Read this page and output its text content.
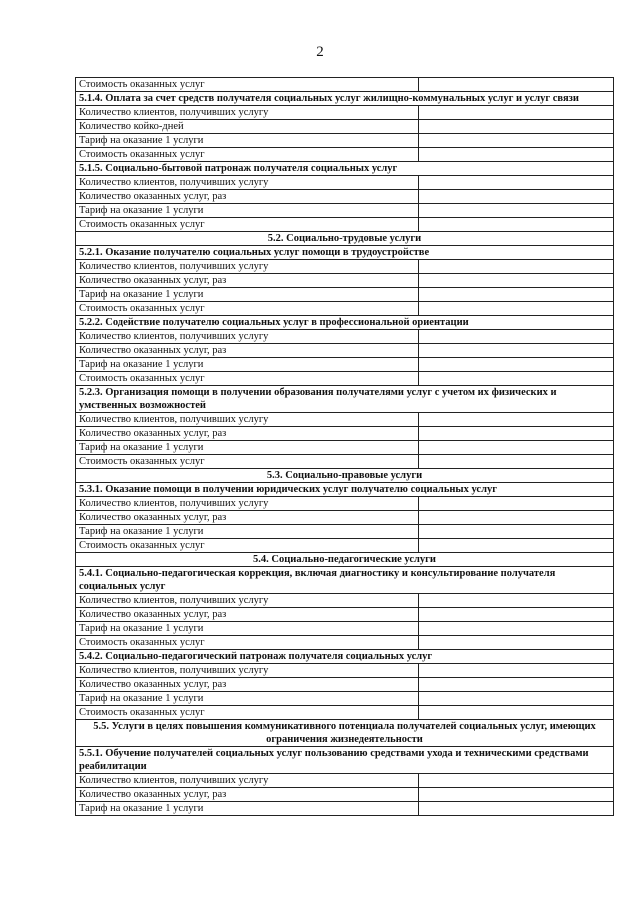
2
Стоимость оказанных услуг	
5.1.4. Оплата за счет средств получателя социальных услуг жилищно-коммунальных услуг и услуг связи	
Количество клиентов, получивших услугу	
Количество койко-дней	
Тариф на оказание 1 услуги	
Стоимость оказанных услуг	
5.1.5. Социально-бытовой патронаж получателя социальных услуг	
Количество клиентов, получивших услугу	
Количество оказанных услуг, раз	
Тариф на оказание 1 услуги	
Стоимость оказанных услуг	
5.2. Социально-трудовые услуги	
5.2.1. Оказание получателю социальных услуг помощи в трудоустройстве	
Количество клиентов, получивших услугу	
Количество оказанных услуг, раз	
Тариф на оказание 1 услуги	
Стоимость оказанных услуг	
5.2.2. Содействие получателю социальных услуг в профессиональной ориентации	
Количество клиентов, получивших услугу	
Количество оказанных услуг, раз	
Тариф на оказание 1 услуги	
Стоимость оказанных услуг	
5.2.3. Организация помощи в получении образования получателями услуг с учетом их физических и умственных возможностей	
Количество клиентов, получивших услугу	
Количество оказанных услуг, раз	
Тариф на оказание 1 услуги	
Стоимость оказанных услуг	
5.3. Социально-правовые услуги	
5.3.1. Оказание помощи в получении юридических услуг получателю социальных услуг	
Количество клиентов, получивших услугу	
Количество оказанных услуг, раз	
Тариф на оказание 1 услуги	
Стоимость оказанных услуг	
5.4. Социально-педагогические услуги	
5.4.1. Социально-педагогическая коррекция, включая диагностику и консультирование получателя социальных услуг	
Количество клиентов, получивших услугу	
Количество оказанных услуг, раз	
Тариф на оказание 1 услуги	
Стоимость оказанных услуг	
5.4.2. Социально-педагогический патронаж получателя социальных услуг	
Количество клиентов, получивших услугу	
Количество оказанных услуг, раз	
Тариф на оказание 1 услуги	
Стоимость оказанных услуг	
5.5. Услуги в целях повышения коммуникативного потенциала получателей социальных услуг, имеющих ограничения жизнедеятельности	
5.5.1. Обучение получателей социальных услуг пользованию средствами ухода и техническими средствами реабилитации	
Количество клиентов, получивших услугу	
Количество оказанных услуг, раз	
Тариф на оказание 1 услуги	
